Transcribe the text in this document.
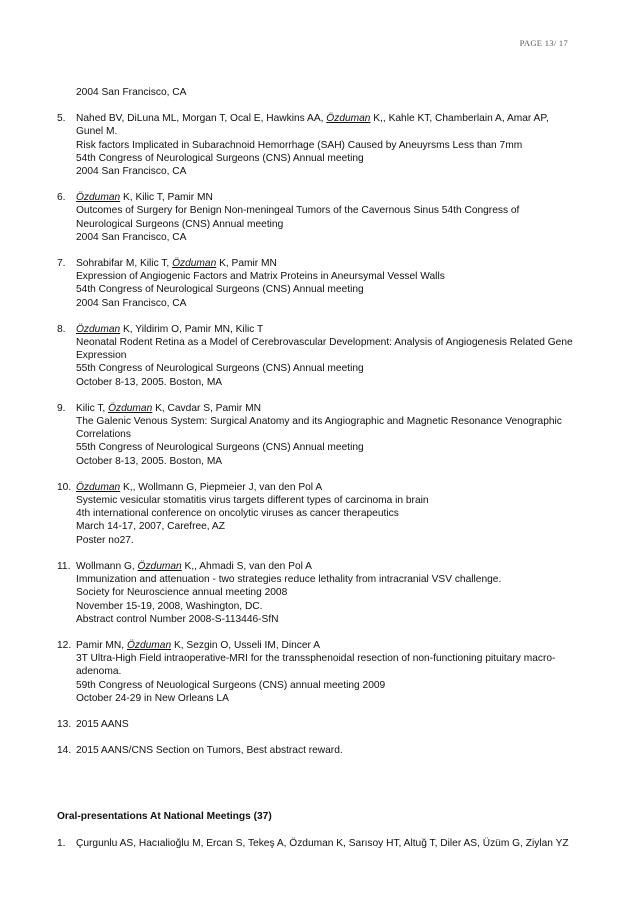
PAGE 13/ 17
2004 San Francisco, CA
5.	Nahed BV, DiLuna ML, Morgan T, Ocal E, Hawkins AA, Özduman K,, Kahle KT, Chamberlain A, Amar AP, Gunel M.
Risk factors Implicated in Subarachnoid Hemorrhage (SAH) Caused by Aneuyrsms Less than 7mm
54th Congress of Neurological Surgeons (CNS) Annual meeting
2004 San Francisco, CA
6.	Özduman K, Kilic T, Pamir MN
Outcomes of Surgery for Benign Non-meningeal Tumors of the Cavernous Sinus 54th Congress of Neurological Surgeons (CNS) Annual meeting
2004 San Francisco, CA
7.	Sohrabifar M, Kilic T, Özduman K, Pamir MN
Expression of Angiogenic Factors and Matrix Proteins in Aneursymal Vessel Walls
54th Congress of Neurological Surgeons (CNS) Annual meeting
2004 San Francisco, CA
8.	Özduman K, Yildirim O, Pamir MN, Kilic T
Neonatal Rodent Retina as a Model of Cerebrovascular Development: Analysis of Angiogenesis Related Gene Expression
55th Congress of Neurological Surgeons (CNS) Annual meeting
October 8-13, 2005. Boston, MA
9.	Kilic T, Özduman K, Cavdar S, Pamir MN
The Galenic Venous System: Surgical Anatomy and its Angiographic and Magnetic Resonance Venographic Correlations
55th Congress of Neurological Surgeons (CNS) Annual meeting
October 8-13, 2005. Boston, MA
10. Özduman K,, Wollmann G, Piepmeier J, van den Pol A
Systemic vesicular stomatitis virus targets different types of carcinoma in brain
4th international conference on oncolytic viruses as cancer therapeutics
March 14-17, 2007, Carefree, AZ
Poster no27.
11. Wollmann G, Özduman K,, Ahmadi S, van den Pol A
Immunization and attenuation - two strategies reduce lethality from intracranial VSV challenge.
Society for Neuroscience annual meeting 2008
November 15-19, 2008, Washington, DC.
Abstract control Number 2008-S-113446-SfN
12. Pamir MN, Özduman K, Sezgin O, Usseli IM, Dincer A
3T Ultra-High Field intraoperative-MRI for the transsphenoidal resection of non-functioning pituitary macro-adenoma.
59th Congress of Neuological Surgeons (CNS) annual meeting 2009
October 24-29 in New Orleans LA
13. 2015 AANS
14. 2015 AANS/CNS Section on Tumors, Best abstract reward.
Oral-presentations At National Meetings (37)
1.	Çurgunlu AS, Hacıalioğlu M, Ercan S, Tekeş A, Özduman K, Sarısoy HT, Altuğ T, Diler AS, Üzüm G, Ziylan YZ
